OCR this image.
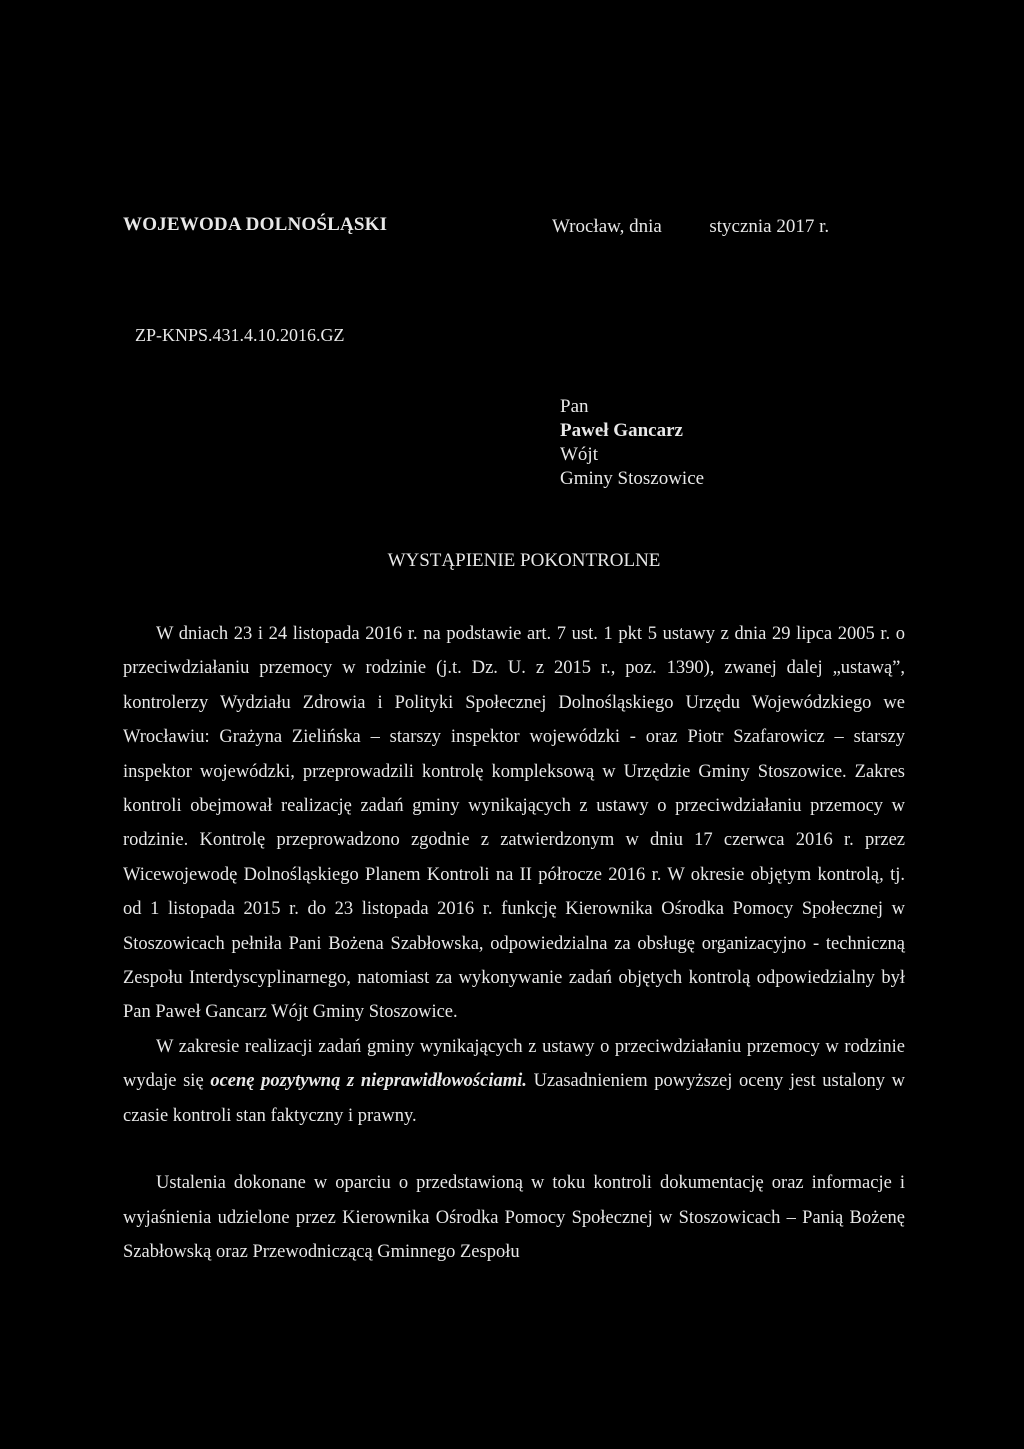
WOJEWODA DOLNOŚLĄSKI	Wrocław, dnia          stycznia 2017 r.
ZP-KNPS.431.4.10.2016.GZ
Pan
Paweł Gancarz
Wójt
Gminy Stoszowice
WYSTĄPIENIE POKONTROLNE

W dniach 23 i 24 listopada 2016 r. na podstawie art. 7 ust. 1 pkt 5 ustawy z dnia 29 lipca 2005 r. o przeciwdziałaniu przemocy w rodzinie (j.t. Dz. U. z 2015 r., poz. 1390), zwanej dalej „ustawą”, kontrolerzy Wydziału Zdrowia i Polityki Społecznej Dolnośląskiego Urzędu Wojewódzkiego we Wrocławiu: Grażyna Zielińska – starszy inspektor wojewódzki - oraz Piotr Szafarowicz – starszy inspektor wojewódzki, przeprowadzili kontrolę kompleksową w Urzędzie Gminy Stoszowice. Zakres kontroli obejmował realizację zadań gminy wynikających z ustawy o przeciwdziałaniu przemocy w rodzinie. Kontrolę przeprowadzono zgodnie z zatwierdzonym w dniu 17 czerwca 2016 r. przez Wicewojewodę Dolnośląskiego Planem Kontroli na II półrocze 2016 r. W okresie objętym kontrolą, tj. od 1 listopada 2015 r. do 23 listopada 2016 r. funkcję Kierownika Ośrodka Pomocy Społecznej w Stoszowicach pełniła Pani Bożena Szabłowska, odpowiedzialna za obsługę organizacyjno - techniczną Zespołu Interdyscyplinarnego, natomiast za wykonywanie zadań objętych kontrolą odpowiedzialny był Pan Paweł Gancarz Wójt Gminy Stoszowice.

W zakresie realizacji zadań gminy wynikających z ustawy o przeciwdziałaniu przemocy w rodzinie wydaje się ocenę pozytywną z nieprawidłowościami. Uzasadnieniem powyższej oceny jest ustalony w czasie kontroli stan faktyczny i prawny.

Ustalenia dokonane w oparciu o przedstawioną w toku kontroli dokumentację oraz informacje i wyjaśnienia udzielone przez Kierownika Ośrodka Pomocy Społecznej w Stoszowicach – Panią Bożenę Szabłowską oraz Przewodniczącą Gminnego Zespołu
